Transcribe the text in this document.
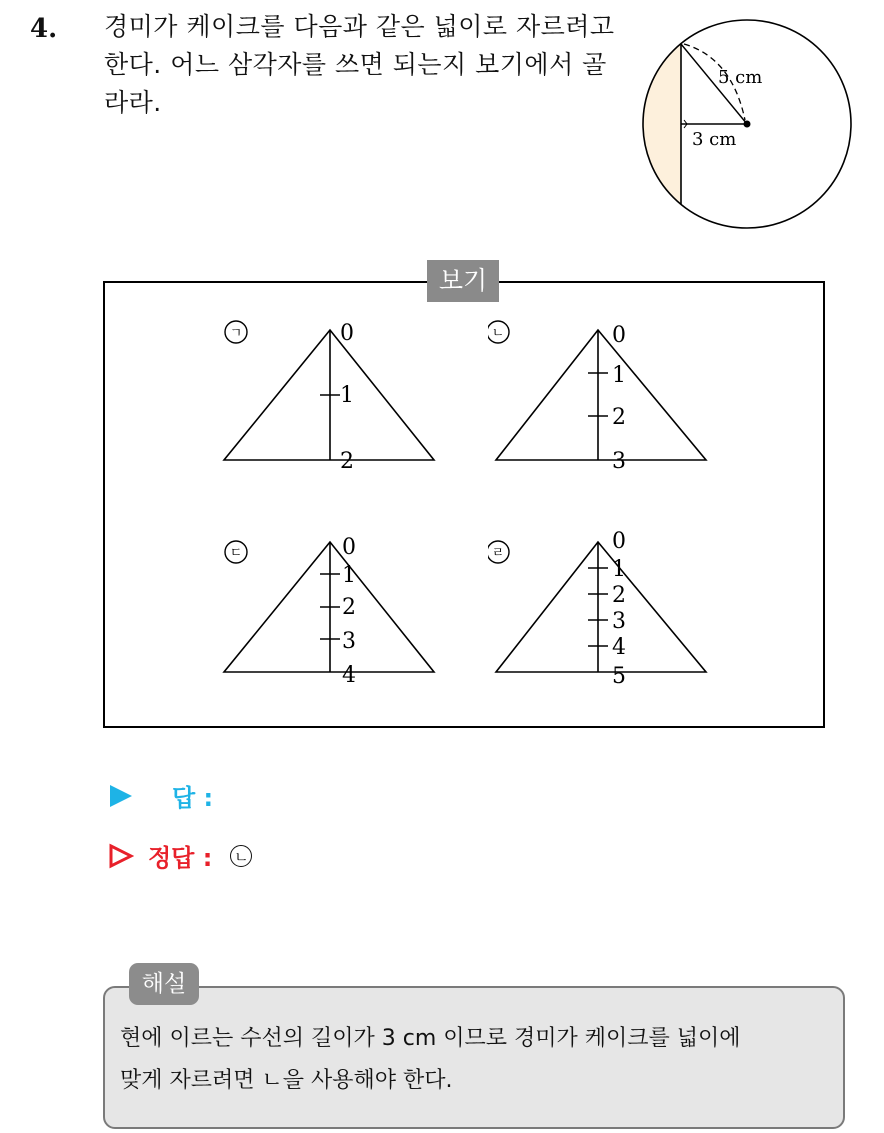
4. 경미가 케이크를 다음과 같은 넓이로 자르려고
한다. 어느 삼각자를 쓰면 되는지 보기에서 골
라라.
5 cm
3 cm
보기
ㄱ	0
1
2
ㄴ	0
1
2
3
ㄷ	0
1
2
3
4
ㄹ	0
1
2
3
4
5
답 :
정답 : ㄴ
해설
현에 이르는 수선의 길이가 3 cm 이므로 경미가 케이크를 넓이에
맞게 자르려면 ㄴ을 사용해야 한다.
